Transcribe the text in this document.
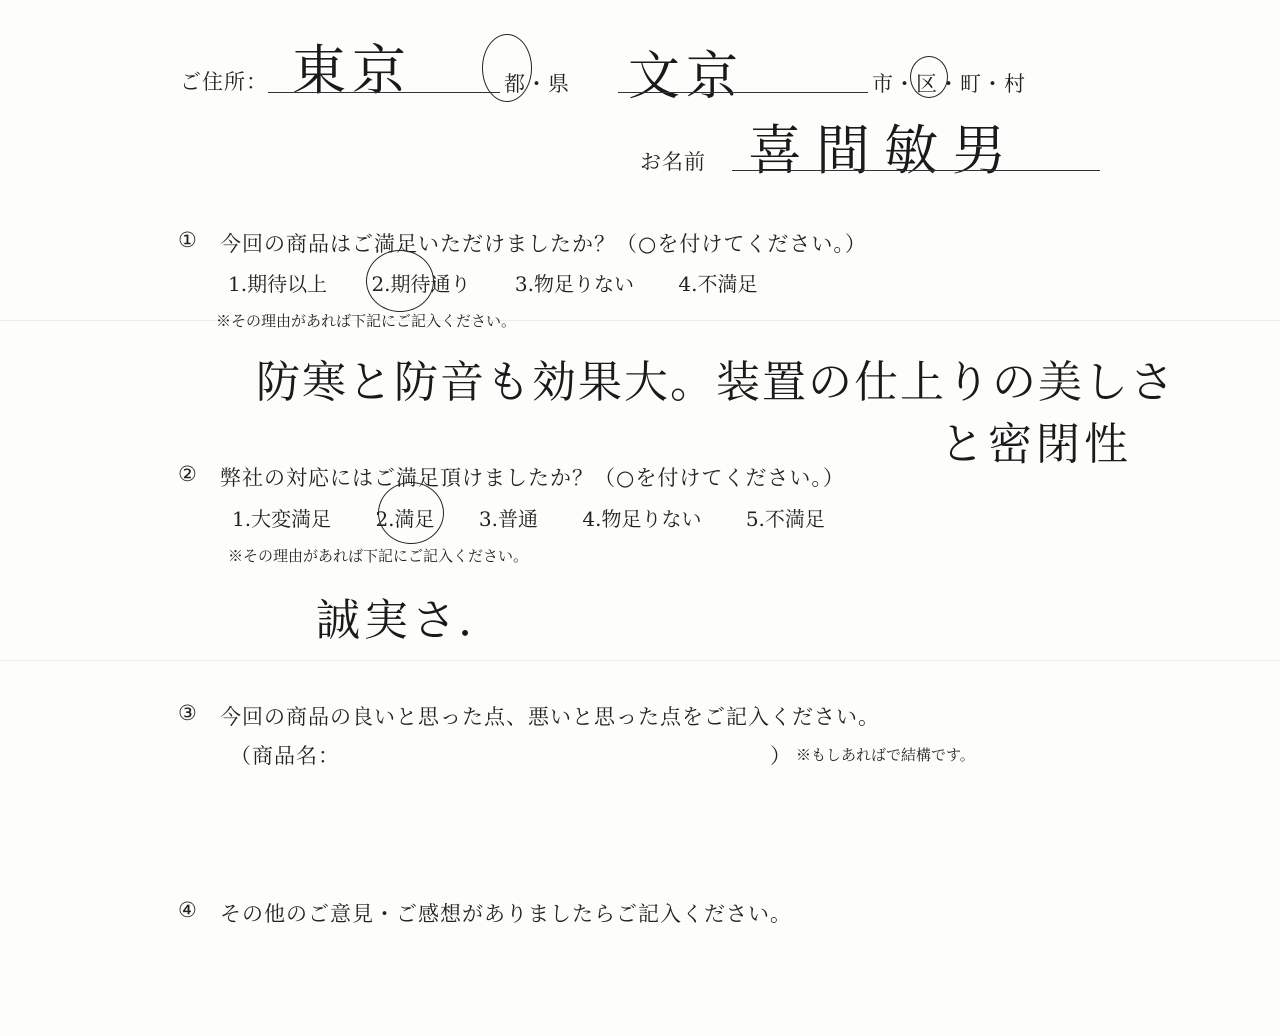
ご住所： 東京	都・県 文京	市・区・町・村
お名前 喜間敏男
① 今回の商品はご満足いただけましたか？（○を付けてください。）
1.期待以上 2.期待通り 3.物足りない 4.不満足
※その理由があれば下記にご記入ください。
防寒と防音も効果大。装置の仕上りの美しさ
と密閉性
② 弊社の対応にはご満足頂けましたか？（○を付けてください。）
1.大変満足 2.満足 3.普通 4.物足りない 5.不満足
※その理由があれば下記にご記入ください。
誠実さ．
③ 今回の商品の良いと思った点、悪いと思った点をご記入ください。
（商品名：	） ※もしあればで結構です。
④ その他のご意見・ご感想がありましたらご記入ください。
